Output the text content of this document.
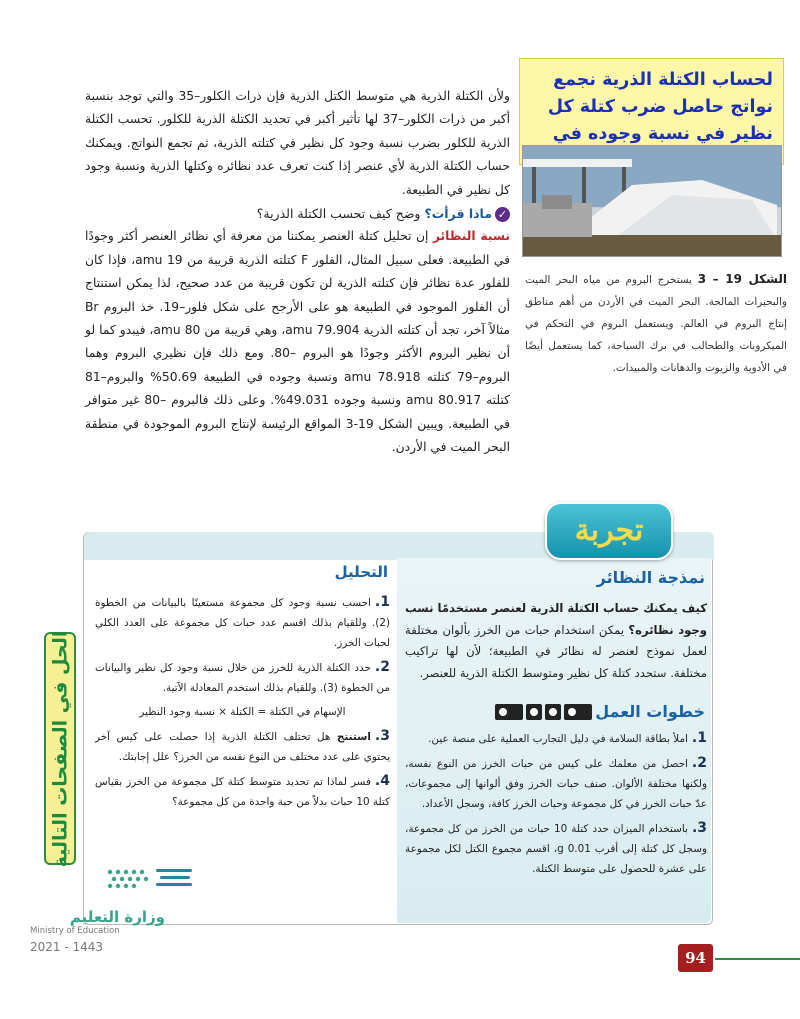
لحساب الكتلة الذرية نجمع نواتج حاصل ضرب كتلة كل نظير في نسبة وجوده في
الشكل 19 – 3 يستخرج البروم من مياه البحر الميت والبحيرات المالحة. البحر الميت في الأردن من أهم مناطق إنتاج البروم في العالم. ويستعمل البروم في التحكم في الميكروبات والطحالب في برك السباحة، كما يستعمل أيضًا في الأدوية والزيوت والدهانات والمبيدات.

ولأن الكتلة الذرية هي متوسط الكتل الذرية فإن ذرات الكلور–35 والتي توجد بنسبة أكبر من ذرات الكلور–37 لها تأثير أكبر في تحديد الكتلة الذرية للكلور. تحسب الكتلة الذرية للكلور بضرب نسبة وجود كل نظير في كتلته الذرية، ثم تجمع النواتج. ويمكنك حساب الكتلة الذرية لأي عنصر إذا كنت تعرف عدد نظائره وكتلها الذرية ونسبة وجود كل نظير في الطبيعة.

✓ماذا قرأت؟ وضح كيف تحسب الكتلة الذرية؟

نسبة النظائر إن تحليل كتلة العنصر يمكننا من معرفة أي نظائر العنصر أكثر وجودًا في الطبيعة. فعلى سبيل المثال، الفلور F كتلته الذرية قريبة من 19 amu، فإذا كان للفلور عدة نظائر فإن كتلته الذرية لن تكون قريبة من عدد صحيح، لذا يمكن استنتاج أن الفلور الموجود في الطبيعة هو على الأرجح على شكل فلور–19. خذ البروم Br مثالاً آخر، تجد أن كتلته الذرية 79.904 amu، وهي قريبة من 80 amu، فيبدو كما لو أن نظير البروم الأكثر وجودًا هو البروم –80. ومع ذلك فإن نظيري البروم وهما البروم–79 كتلته 78.918 amu ونسبة وجوده في الطبيعة 50.69% والبروم–81 كتلته 80.917 amu ونسبة وجوده 49.031%. وعلى ذلك فالبروم –80 غير متوافر في الطبيعة. ويبين الشكل 19-3 المواقع الرئيسة لإنتاج البروم الموجودة في منطقة البحر الميت في الأردن.

تجربة
نمذجة النظائر
كيف يمكنك حساب الكتلة الذرية لعنصر مستخدمًا نسب وجود نظائره؟ يمكن استخدام حبات من الخرز بألوان مختلفة لعمل نموذج لعنصر له نظائر في الطبيعة؛ لأن لها تراكيب مختلفة. ستحدد كتلة كل نظير ومتوسط الكتلة الذرية للعنصر.
خطوات العمل
1.املأ بطاقة السلامة في دليل التجارب العملية على منصة عين.
2.احصل من معلمك على كيس من حبات الخرز من النوع نفسه، ولكنها مختلفة الألوان. صنف حبات الخرز وفق ألوانها إلى مجموعات، عدّ حبات الخرز في كل مجموعة وحبات الخرز كافة، وسجل الأعداد.
3.باستخدام الميزان حدد كتلة 10 حبات من الخرز من كل مجموعة، وسجل كل كتلة إلى أقرب 0.01 g، اقسم مجموع الكتل لكل مجموعة على عشرة للحصول على متوسط الكتلة.
التحليل
1.احسب نسبة وجود كل مجموعة مستعينًا بالبيانات من الخطوة (2). وللقيام بذلك اقسم عدد حبات كل مجموعة على العدد الكلي لحبات الخرز.
2.حدد الكتلة الذرية للخرز من خلال نسبة وجود كل نظير والبيانات من الخطوة (3). وللقيام بذلك استخدم المعادلة الآتية.
الإسهام في الكتلة = الكتلة × نسبة وجود النظير
3.استنتج هل تختلف الكتلة الذرية إذا حصلت على كيس آخر يحتوي على عدد مختلف من النوع نفسه من الخرز؟ علل إجابتك.
4.فسر لماذا تم تحديد متوسط كتلة كل مجموعة من الخرز بقياس كتلة 10 حبات بدلاً من حبة واحدة من كل مجموعة؟
الحل في الصفحات التالية
وزارة التعليم
Ministry of Education
2021 - 1443
94
